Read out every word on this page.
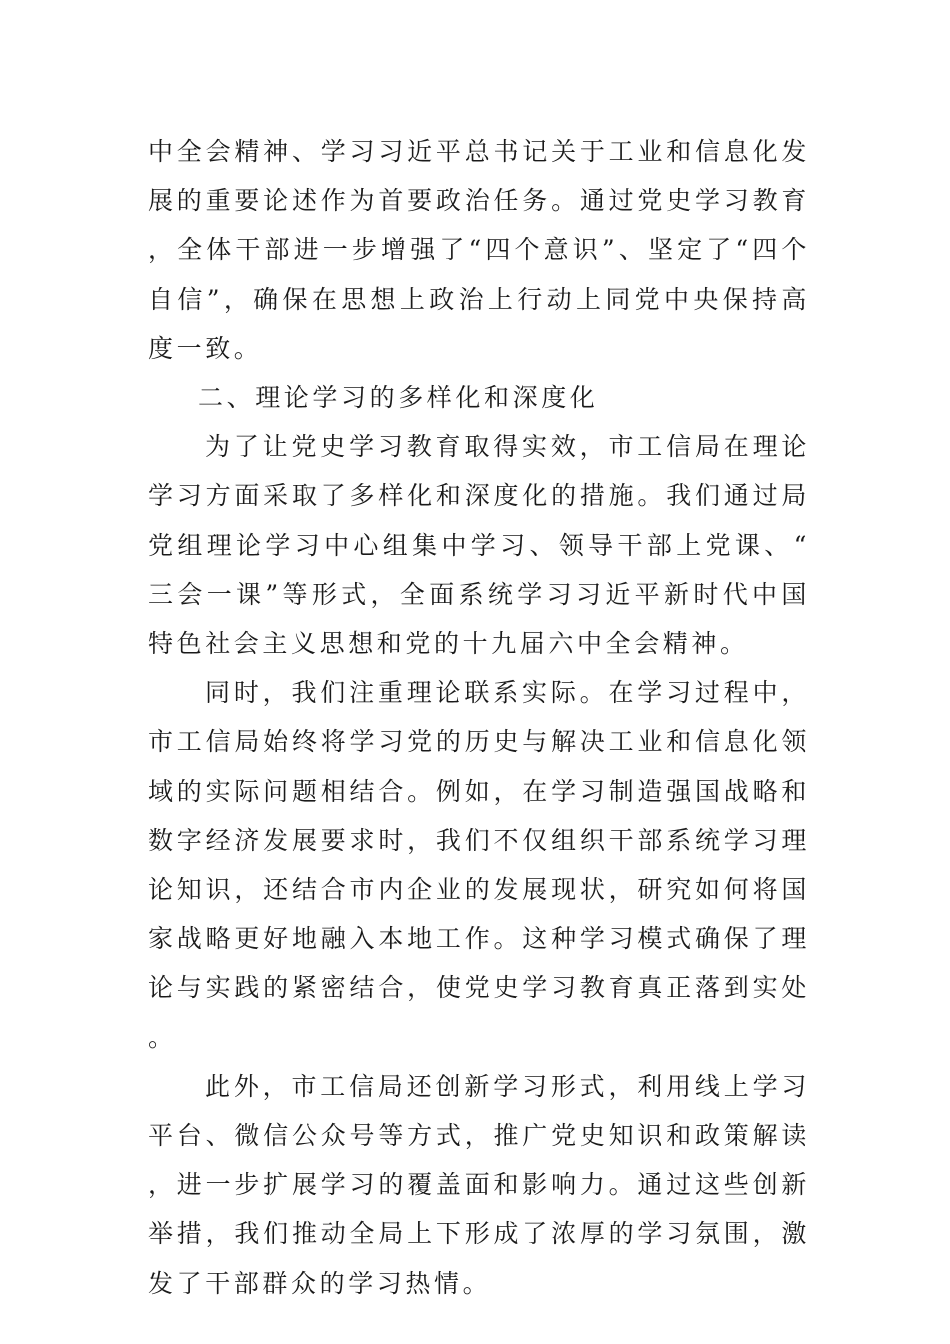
中全会精神、学习习近平总书记关于工业和信息化发展的重要论述作为首要政治任务。通过党史学习教育，全体干部进一步增强了“四个意识”、坚定了“四个自信”，确保在思想上政治上行动上同党中央保持高度一致。

二、理论学习的多样化和深度化

为了让党史学习教育取得实效，市工信局在理论学习方面采取了多样化和深度化的措施。我们通过局党组理论学习中心组集中学习、领导干部上党课、“三会一课”等形式，全面系统学习习近平新时代中国特色社会主义思想和党的十九届六中全会精神。

同时，我们注重理论联系实际。在学习过程中，市工信局始终将学习党的历史与解决工业和信息化领域的实际问题相结合。例如，在学习制造强国战略和数字经济发展要求时，我们不仅组织干部系统学习理论知识，还结合市内企业的发展现状，研究如何将国家战略更好地融入本地工作。这种学习模式确保了理论与实践的紧密结合，使党史学习教育真正落到实处。

此外，市工信局还创新学习形式，利用线上学习平台、微信公众号等方式，推广党史知识和政策解读，进一步扩展学习的覆盖面和影响力。通过这些创新举措，我们推动全局上下形成了浓厚的学习氛围，激发了干部群众的学习热情。
